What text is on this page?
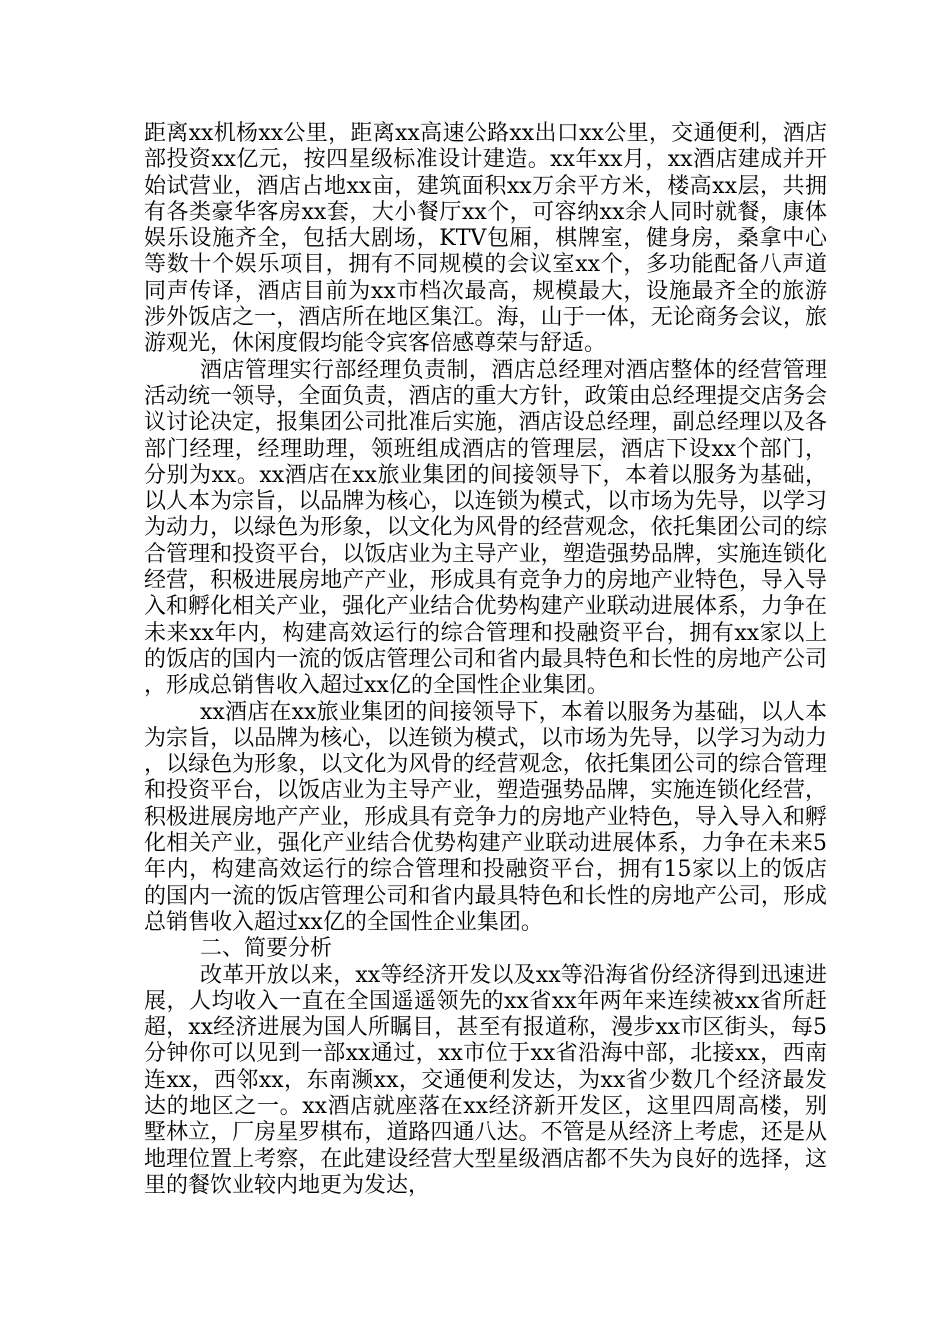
距离xx机杨xx公里，距离xx高速公路xx出口xx公里，交通便利，酒店部投资xx亿元，按四星级标准设计建造。xx年xx月，xx酒店建成并开始试营业，酒店占地xx亩，建筑面积xx万余平方米，楼高xx层，共拥有各类豪华客房xx套，大小餐厅xx个，可容纳xx余人同时就餐，康体娱乐设施齐全，包括大剧场，KTV包厢，棋牌室，健身房，桑拿中心等数十个娱乐项目，拥有不同规模的会议室xx个，多功能配备八声道同声传译，酒店目前为xx市档次最高，规模最大，设施最齐全的旅游涉外饭店之一，酒店所在地区集江。海，山于一体，无论商务会议，旅游观光，休闲度假均能令宾客倍感尊荣与舒适。

酒店管理实行部经理负责制，酒店总经理对酒店整体的经营管理活动统一领导，全面负责，酒店的重大方针，政策由总经理提交店务会议讨论决定，报集团公司批准后实施，酒店设总经理，副总经理以及各部门经理，经理助理，领班组成酒店的管理层，酒店下设xx个部门，分别为xx。xx酒店在xx旅业集团的间接领导下，本着以服务为基础，以人本为宗旨，以品牌为核心，以连锁为模式，以市场为先导，以学习为动力，以绿色为形象，以文化为风骨的经营观念，依托集团公司的综合管理和投资平台，以饭店业为主导产业，塑造强势品牌，实施连锁化经营，积极进展房地产产业，形成具有竞争力的房地产业特色，导入导入和孵化相关产业，强化产业结合优势构建产业联动进展体系，力争在未来xx年内，构建高效运行的综合管理和投融资平台，拥有xx家以上的饭店的国内一流的饭店管理公司和省内最具特色和长性的房地产公司，形成总销售收入超过xx亿的全国性企业集团。

xx酒店在xx旅业集团的间接领导下，本着以服务为基础，以人本为宗旨，以品牌为核心，以连锁为模式，以市场为先导，以学习为动力，以绿色为形象，以文化为风骨的经营观念，依托集团公司的综合管理和投资平台，以饭店业为主导产业，塑造强势品牌，实施连锁化经营，积极进展房地产产业，形成具有竞争力的房地产业特色，导入导入和孵化相关产业，强化产业结合优势构建产业联动进展体系，力争在未来5年内，构建高效运行的综合管理和投融资平台，拥有15家以上的饭店的国内一流的饭店管理公司和省内最具特色和长性的房地产公司，形成总销售收入超过xx亿的全国性企业集团。

二、简要分析

改革开放以来，xx等经济开发以及xx等沿海省份经济得到迅速进展，人均收入一直在全国遥遥领先的xx省xx年两年来连续被xx省所赶超，xx经济进展为国人所瞩目，甚至有报道称，漫步xx市区街头，每5分钟你可以见到一部xx通过，xx市位于xx省沿海中部，北接xx，西南连xx，西邻xx，东南濒xx，交通便利发达，为xx省少数几个经济最发达的地区之一。xx酒店就座落在xx经济新开发区，这里四周高楼，别墅林立，厂房星罗棋布，道路四通八达。不管是从经济上考虑，还是从地理位置上考察，在此建设经营大型星级酒店都不失为良好的选择，这里的餐饮业较内地更为发达，
